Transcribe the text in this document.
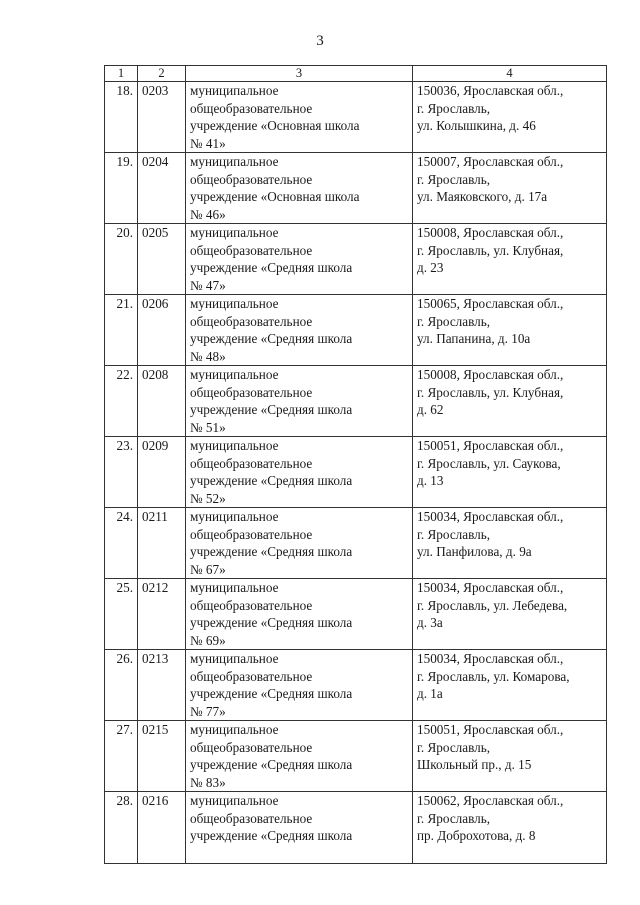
3
1	2	3	4
18.	0203	муниципальное
общеобразовательное
учреждение «Основная школа
№ 41»	150036, Ярославская обл.,
г. Ярославль,
ул. Колышкина, д. 46
19.	0204	муниципальное
общеобразовательное
учреждение «Основная школа
№ 46»	150007, Ярославская обл.,
г. Ярославль,
ул. Маяковского, д. 17а
20.	0205	муниципальное
общеобразовательное
учреждение «Средняя школа
№ 47»	150008, Ярославская обл.,
г. Ярославль, ул. Клубная,
д. 23
21.	0206	муниципальное
общеобразовательное
учреждение «Средняя школа
№ 48»	150065, Ярославская обл.,
г. Ярославль,
ул. Папанина, д. 10а
22.	0208	муниципальное
общеобразовательное
учреждение «Средняя школа
№ 51»	150008, Ярославская обл.,
г. Ярославль, ул. Клубная,
д. 62
23.	0209	муниципальное
общеобразовательное
учреждение «Средняя школа
№ 52»	150051, Ярославская обл.,
г. Ярославль, ул. Саукова,
д. 13
24.	0211	муниципальное
общеобразовательное
учреждение «Средняя школа
№ 67»	150034, Ярославская обл.,
г. Ярославль,
ул. Панфилова, д. 9а
25.	0212	муниципальное
общеобразовательное
учреждение «Средняя школа
№ 69»	150034, Ярославская обл.,
г. Ярославль, ул. Лебедева,
д. 3а
26.	0213	муниципальное
общеобразовательное
учреждение «Средняя школа
№ 77»	150034, Ярославская обл.,
г. Ярославль, ул. Комарова,
д. 1а
27.	0215	муниципальное
общеобразовательное
учреждение «Средняя школа
№ 83»	150051, Ярославская обл.,
г. Ярославль,
Школьный пр., д. 15
28.	0216	муниципальное
общеобразовательное
учреждение «Средняя школа	150062, Ярославская обл.,
г. Ярославль,
пр. Доброхотова, д. 8
